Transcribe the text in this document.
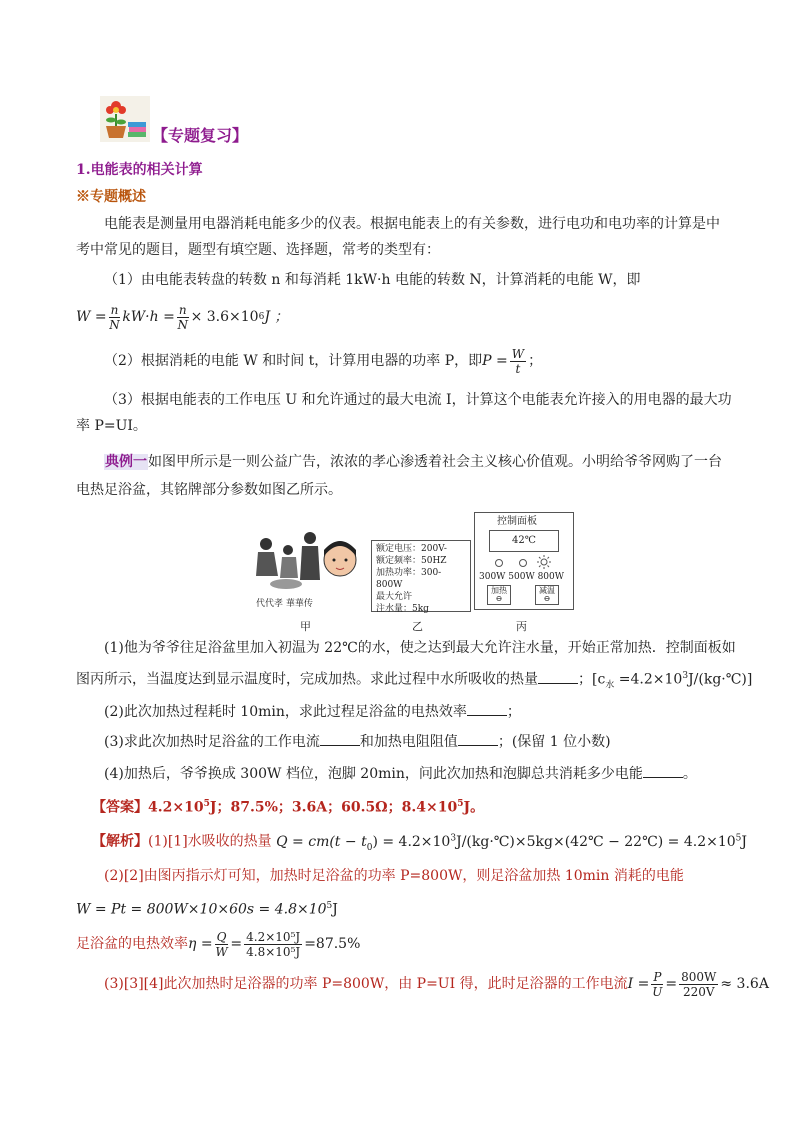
【专题复习】
1.电能表的相关计算
※专题概述
电能表是测量用电器消耗电能多少的仪表。根据电能表上的有关参数，进行电功和电功率的计算是中
考中常见的题目，题型有填空题、选择题，常考的类型有：
（1）由电能表转盘的转数 n 和每消耗 1kW·h 电能的转数 N，计算消耗的电能 W，即
$W = \frac{n}{N} kW\cdot h = \frac{n}{N} \times 3.6\times 10$ 6 J ；
（2）根据消耗的电能 W 和时间 t，计算用电器的功率 P，即 $P = \frac{W}{t}$ ；
（3）根据电能表的工作电压 U 和允许通过的最大电流 I，计算这个电能表允许接入的用电器的最大功
率 P=UI。
典例一如图甲所示是一则公益广告，浓浓的孝心渗透着社会主义核心价值观。小明给爷爷网购了一台
电热足浴盆，其铭牌部分参数如图乙所示。
代代孝 華華传
甲
额定电压：200V-
额定频率：50HZ
加热功率：300-800W
最大允许
注水量：5kg
乙
控制面板
42℃
300W 500W 800W
加热
⊖
减温
⊖
丙
(1)他为爷爷往足浴盆里加入初温为 22℃的水，使之达到最大允许注水量，开始正常加热．控制面板如
图丙所示，当温度达到显示温度时，完成加热。求此过程中水所吸收的热量	；[$c_水$ $=4.2\times 10^3J/(kg\cdot℃)$]
(2)此次加热过程耗时 10min，求此过程足浴盆的电热效率	；
(3)求此次加热时足浴盆的工作电流	和加热电阻阻值	；(保留 1 位小数)
(4)加热后，爷爷换成 300W 档位，泡脚 20min，问此次加热和泡脚总共消耗多少电能	。
【答案】$4.2\times 10^5J$；87.5%；3.6A；60.5Ω；$8.4\times 10^5J$。
【解析】(1)[1]水吸收的热量 $Q = cm(t - t_0)$ = $4.2\times 10^3J/(kg\cdot℃)\times 5kg\times(42℃$ − 22℃) = $4.2\times 10^5J$
(2)[2]由图丙指示灯可知，加热时足浴盆的功率 P=800W，则足浴盆加热 10min 消耗的电能
$W = Pt = 800W\times 10\times 60s = 4.8\times 10^5J$
足浴盆的电热效率 $\eta = \frac{Q}{W} = \frac{\text{4.2×10⁵J}}{\text{4.8×10⁵J}} =87.5\%$
(3)[3][4]此次加热时足浴器的功率 P=800W，由 P=UI 得，此时足浴器的工作电流 $I = \frac{P}{U} = \frac{800W}{220V} \approx 3.6A$
